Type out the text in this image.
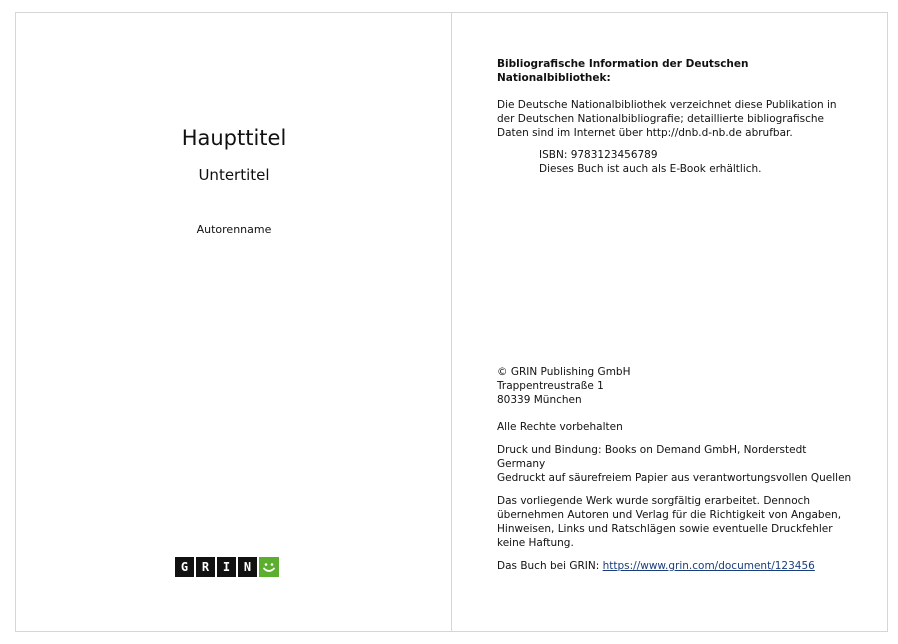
Haupttitel
Untertitel
Autorenname
G	R	I	N

Bibliografische Information der Deutschen Nationalbibliothek:

Die Deutsche Nationalbibliothek verzeichnet diese Publikation in der Deutschen Nationalbibliografie; detaillierte bibliografische Daten sind im Internet über http://dnb.d-nb.de abrufbar.

ISBN: 9783123456789

Dieses Buch ist auch als E-Book erhältlich.

© GRIN Publishing GmbH

Trappentreustraße 1

80339 München

Alle Rechte vorbehalten

Druck und Bindung: Books on Demand GmbH, Norderstedt Germany

Gedruckt auf säurefreiem Papier aus verantwortungsvollen Quellen

Das vorliegende Werk wurde sorgfältig erarbeitet. Dennoch übernehmen Autoren und Verlag für die Richtigkeit von Angaben, Hinweisen, Links und Ratschlägen sowie eventuelle Druckfehler keine Haftung.

Das Buch bei GRIN: https://www.grin.com/document/123456
